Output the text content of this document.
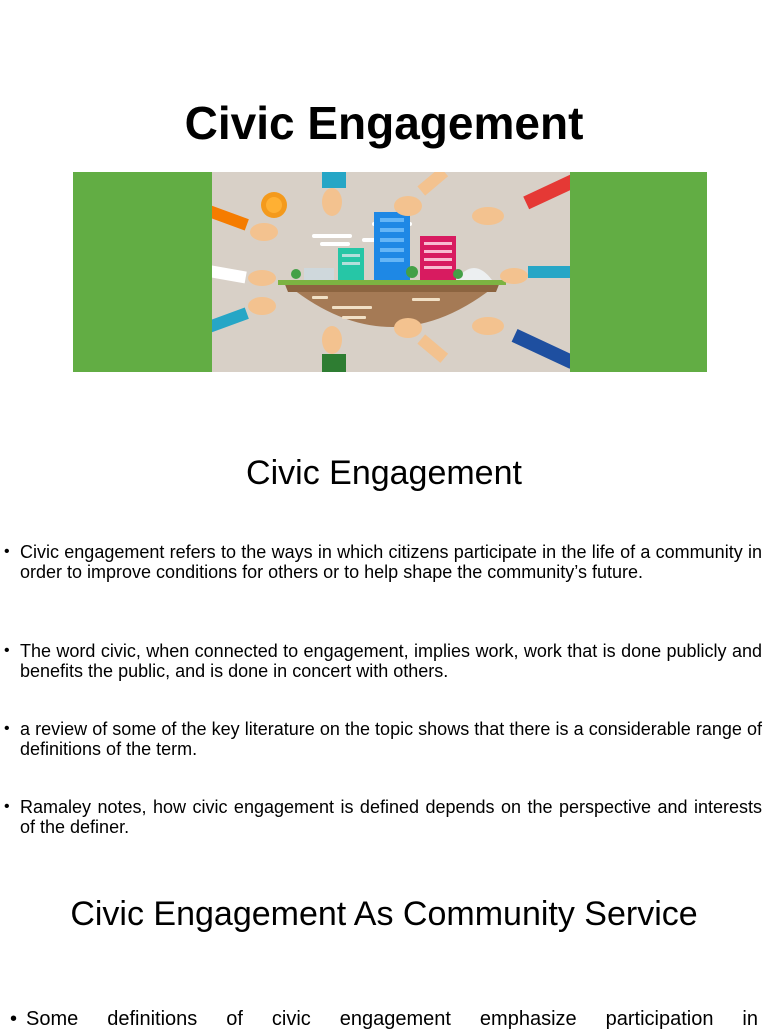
Civic Engagement
Civic Engagement
• Civic engagement refers to the ways in which citizens participate in the life of a community in order to improve conditions for others or to help shape the community’s future.
• The word civic, when connected to engagement, implies work, work that is done publicly and benefits the public, and is done in concert with others.
• a review of some of the key literature on the topic shows that there is a considerable range of definitions of the term.
• Ramaley notes, how civic engagement is defined depends on the perspective and interests of the definer.
Civic Engagement As Community Service
• Some definitions of civic engagement emphasize participation in
